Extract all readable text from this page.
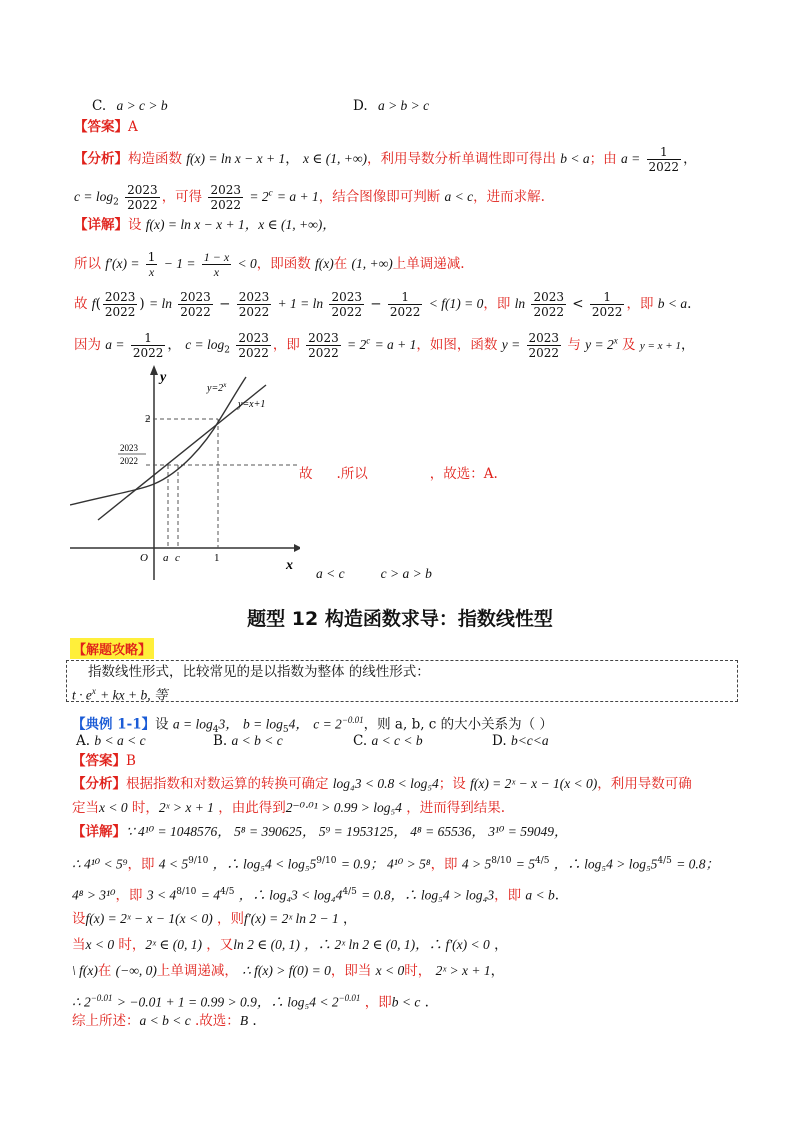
C. a > c > b	D. a > b > c
【答案】A
【分析】构造函数 f(x) = ln x − x + 1， x ∈ (1, +∞)，利用导数分析单调性即可得出 b < a；由 $a = \frac{1}{2022}$ ，
$c = \log_2 \frac{2023}{2022}$ ，可得 $\frac{2023}{2022} = 2^c = a + 1$，结合图像即可判断 a < c，进而求解.
【详解】设 f(x) = ln x − x + 1，x ∈ (1, +∞)，
所以 $f'(x) = \frac{1}{x} - 1 = \frac{1 - x}{x} < 0$，即函数 f(x)在 (1, +∞)上单调递减.
故 $f( \frac{2023}{2022}$ ) = $\ln \frac{2023}{2022} - \frac{2023}{2022} + 1 = \ln \frac{2023}{2022} - \frac{1}{2022} < f(1) = 0$，即 $\ln \frac{2023}{2022} < \frac{1}{2022}$ ，即 b < a.
因为 $a = \frac{1}{2022}$ ， $c = \log_2 \frac{2023}{2022}$ ，即 $\frac{2023}{2022} = 2^c = a + 1$，如图，函数 $y = \frac{2023}{2022}$ 与 $y = 2^x$ 及 y = x + 1，
y
x
O a c	1
2
2023
2022
$y=2^x$
y=x+1
故 .所以	，故选：A.
a < c	c > a > b
题型 12 构造函数求导：指数线性型
【解题攻略】
指数线性形式，比较常见的是以指数为整体 的线性形式：
$t \cdot e^x$ + kx + b, 等
【典例 1-1】设 $a = \log_43$， $b = \log_54$， $c = 2^{-0.01}$，则 a, b, c 的大小关系为（ ）
A. b < a < c	B. a < b < c	C. a < c < b	D. b<c<a
【答案】B
【分析】根据指数和对数运算的转换可确定 log₄3 < 0.8 < log₅4；设 f(x) = 2ˣ − x − 1(x < 0)，利用导数可确
定当x < 0 时，2ˣ > x + 1 ，由此得到2⁻⁰·⁰¹ > 0.99 > log₅4 ，进而得到结果.
【详解】∵ 4¹⁰ = 1048576， 5⁸ = 390625， 5⁹ = 1953125， 4⁸ = 65536， 3¹⁰ = 59049，
∴ 4¹⁰ < 5⁹，即 $4 < 5^{9/10}$ ，∴ $\log_54 < \log_55^{9/10} = 0.9$； 4¹⁰ > 5⁸，即 $4 > 5^{8/10} = 5^{4/5}$ ，∴ $\log_54 > \log_55^{4/5} = 0.8$；
4⁸ > 3¹⁰，即 $3 < 4^{8/10} = 4^{4/5}$ ，∴ $\log_43 < \log_44^{4/5} = 0.8$，∴ log₅4 > log₄3，即 a < b.
设f(x) = 2ˣ − x − 1(x < 0) ，则f′(x) = 2ˣ ln 2 − 1 ，
当x < 0 时，2ˣ ∈ (0, 1) ，又ln 2 ∈ (0, 1) ，∴ 2ˣ ln 2 ∈ (0, 1)，∴ f′(x) < 0 ，
\ f(x)在 (−∞, 0)上单调递减， ∴ f(x) > f(0) = 0，即当 x < 0时， 2ˣ > x + 1，
∴ $2^{-0.01} > -0.01 + 1 = 0.99 > 0.9$，∴ $\log_54 < 2^{-0.01}$ ，即b < c .
综上所述：a < b < c .故选：B .
